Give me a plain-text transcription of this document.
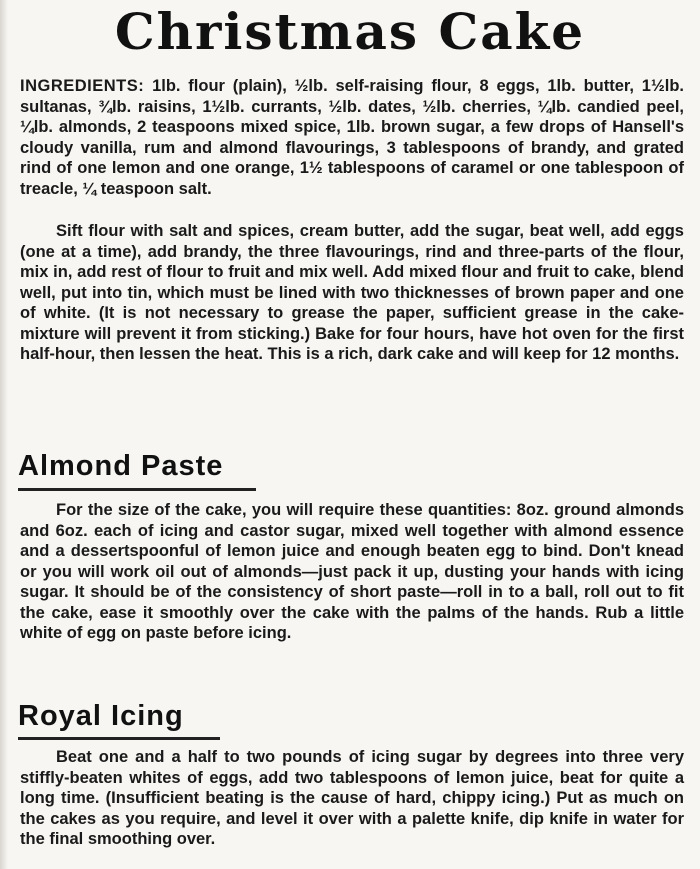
Christmas Cake

INGREDIENTS: 1lb. flour (plain), ½lb. self-raising flour, 8 eggs, 1lb. butter, 1½lb. sultanas, ¾lb. raisins, 1½lb. currants, ½lb. dates, ½lb. cherries, ¼lb. candied peel, ¼lb. almonds, 2 teaspoons mixed spice, 1lb. brown sugar, a few drops of Hansell's cloudy vanilla, rum and almond flavourings, 3 tablespoons of brandy, and grated rind of one lemon and one orange, 1½ tablespoons of caramel or one tablespoon of treacle, ¼ teaspoon salt.

Sift flour with salt and spices, cream butter, add the sugar, beat well, add eggs (one at a time), add brandy, the three flavourings, rind and three-parts of the flour, mix in, add rest of flour to fruit and mix well. Add mixed flour and fruit to cake, blend well, put into tin, which must be lined with two thicknesses of brown paper and one of white. (It is not necessary to grease the paper, sufficient grease in the cake-mixture will prevent it from sticking.) Bake for four hours, have hot oven for the first half-hour, then lessen the heat. This is a rich, dark cake and will keep for 12 months.

Almond Paste

For the size of the cake, you will require these quantities: 8oz. ground almonds and 6oz. each of icing and castor sugar, mixed well together with almond essence and a dessertspoonful of lemon juice and enough beaten egg to bind. Don't knead or you will work oil out of almonds—just pack it up, dusting your hands with icing sugar. It should be of the consistency of short paste—roll in to a ball, roll out to fit the cake, ease it smoothly over the cake with the palms of the hands. Rub a little white of egg on paste before icing.

Royal Icing

Beat one and a half to two pounds of icing sugar by degrees into three very stiffly-beaten whites of eggs, add two tablespoons of lemon juice, beat for quite a long time. (Insufficient beating is the cause of hard, chippy icing.) Put as much on the cakes as you require, and level it over with a palette knife, dip knife in water for the final smoothing over.
